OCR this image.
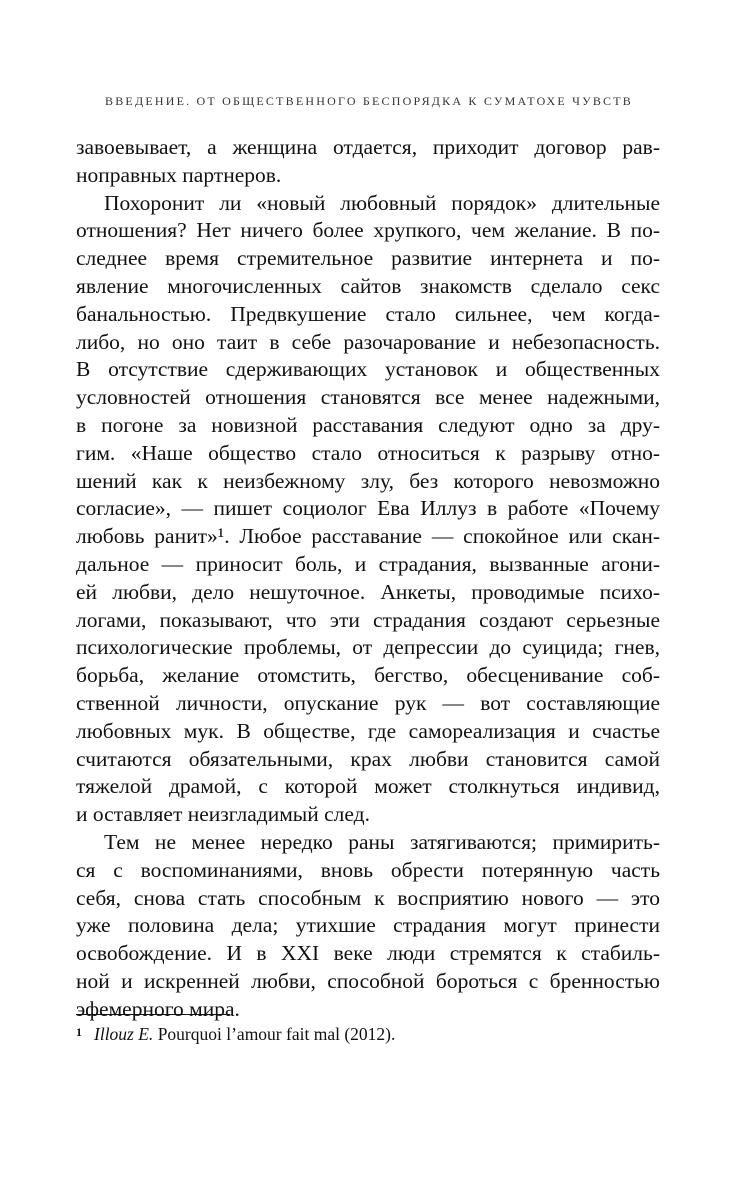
ВВЕДЕНИЕ. ОТ ОБЩЕСТВЕННОГО БЕСПОРЯДКА К СУМАТОХЕ ЧУВСТВ
завоевывает, а женщина отдается, приходит договор рав-
ноправных партнеров.
Похоронит ли «новый любовный порядок» длительные
отношения? Нет ничего более хрупкого, чем желание. В по-
следнее время стремительное развитие интернета и по-
явление многочисленных сайтов знакомств сделало секс
банальностью. Предвкушение стало сильнее, чем когда-
либо, но оно таит в себе разочарование и небезопасность.
В отсутствие сдерживающих установок и общественных
условностей отношения становятся все менее надежными,
в погоне за новизной расставания следуют одно за дру-
гим. «Наше общество стало относиться к разрыву отно-
шений как к неизбежному злу, без которого невозможно
согласие», — пишет социолог Ева Иллуз в работе «Почему
любовь ранит»¹. Любое расставание — спокойное или скан-
дальное — приносит боль, и страдания, вызванные агони-
ей любви, дело нешуточное. Анкеты, проводимые психо-
логами, показывают, что эти страдания создают серьезные
психологические проблемы, от депрессии до суицида; гнев,
борьба, желание отомстить, бегство, обесценивание соб-
ственной личности, опускание рук — вот составляющие
любовных мук. В обществе, где самореализация и счастье
считаются обязательными, крах любви становится самой
тяжелой драмой, с которой может столкнуться индивид,
и оставляет неизгладимый след.
Тем не менее нередко раны затягиваются; примирить-
ся с воспоминаниями, вновь обрести потерянную часть
себя, снова стать способным к восприятию нового — это
уже половина дела; утихшие страдания могут принести
освобождение. И в XXI веке люди стремятся к стабиль-
ной и искренней любви, способной бороться с бренностью
эфемерного мира.
$^1$ Illouz E. Pourquoi l’amour fait mal (2012).
